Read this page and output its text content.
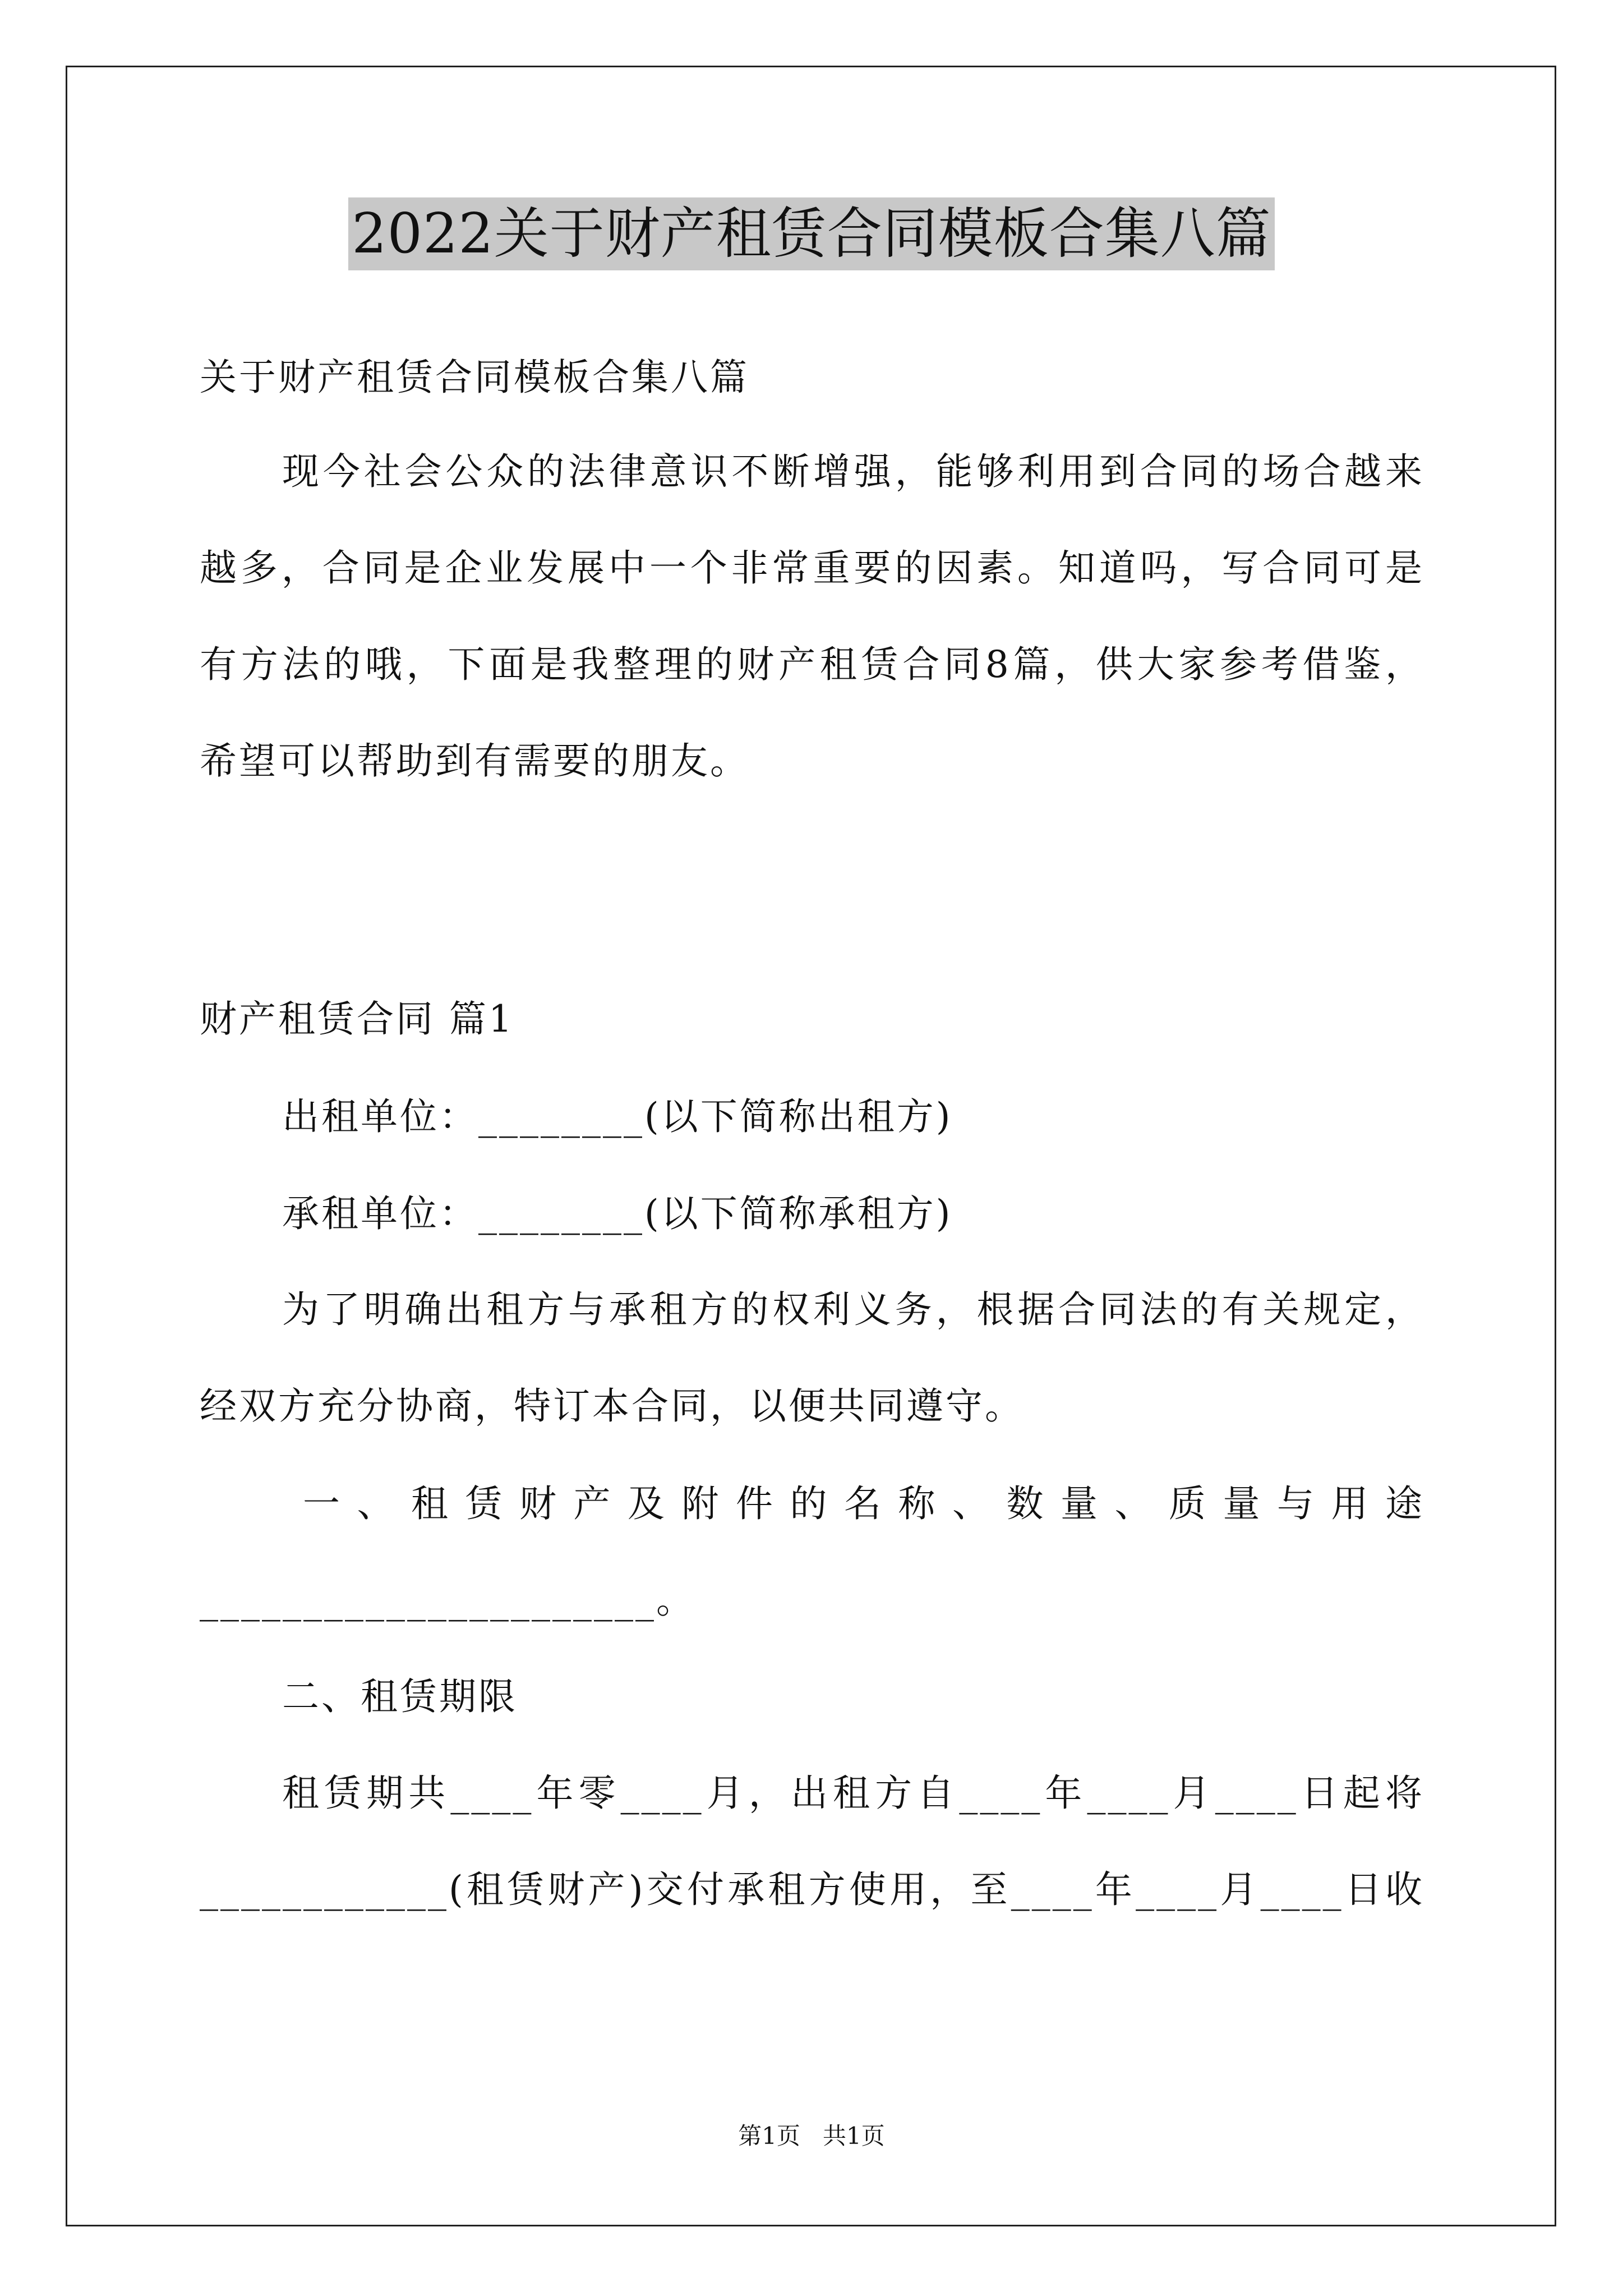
2022关于财产租赁合同模板合集八篇
关于财产租赁合同模板合集八篇
现今社会公众的法律意识不断增强，能够利用到合同的场合越来
越多，合同是企业发展中一个非常重要的因素。知道吗，写合同可是
有方法的哦，下面是我整理的财产租赁合同8篇，供大家参考借鉴，
希望可以帮助到有需要的朋友。
财产租赁合同 篇1
出租单位：________(以下简称出租方)
承租单位：________(以下简称承租方)
为了明确出租方与承租方的权利义务，根据合同法的有关规定，
经双方充分协商，特订本合同，以便共同遵守。
一、租赁财产及附件的名称、数量、质量与用途
______________________。
二、租赁期限
租赁期共____年零____月，出租方自____年____月____日起将
____________(租赁财产)交付承租方使用，至____年____月____日收
第1页 共1页
